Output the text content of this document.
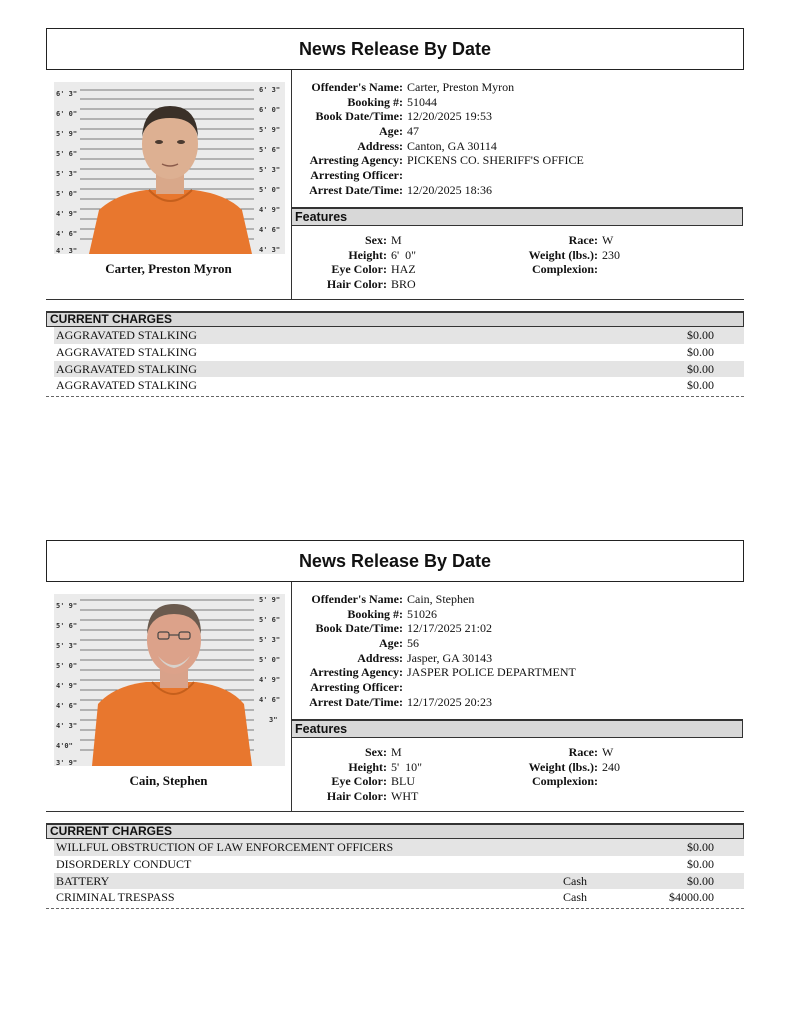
News Release By Date
6' 3"
6' 0"
5' 9"
5' 6"
5' 3"
5' 0"
4' 9"
4' 6"
4' 3"
6' 3"
6' 0"
5' 9"
5' 6"
5' 3"
5' 0"
4' 9"
4' 6"
4' 3"
Carter, Preston Myron
Offender's Name: Carter, Preston Myron
Booking #: 51044
Book Date/Time: 12/20/2025 19:53
Age: 47
Address: Canton, GA 30114
Arresting Agency: PICKENS CO. SHERIFF'S OFFICE
Arresting Officer:
Arrest Date/Time: 12/20/2025 18:36
Features
Sex: M
Height: 6'  0"
Eye Color: HAZ
Hair Color: BRO
Race: W
Weight (lbs.): 230
Complexion:
CURRENT CHARGES
AGGRAVATED STALKING	$0.00
AGGRAVATED STALKING	$0.00
AGGRAVATED STALKING	$0.00
AGGRAVATED STALKING	$0.00
News Release By Date
5' 9"
5' 6"
5' 3"
5' 0"
4' 9"
4' 6"
4' 3"
4'0"
3' 9"
5' 9"
5' 6"
5' 3"
5' 0"
4' 9"
4' 6"
3"
Cain, Stephen
Offender's Name: Cain, Stephen
Booking #: 51026
Book Date/Time: 12/17/2025 21:02
Age: 56
Address: Jasper, GA 30143
Arresting Agency: JASPER POLICE DEPARTMENT
Arresting Officer:
Arrest Date/Time: 12/17/2025 20:23
Features
Sex: M
Height: 5'  10"
Eye Color: BLU
Hair Color: WHT
Race: W
Weight (lbs.): 240
Complexion:
CURRENT CHARGES
WILLFUL OBSTRUCTION OF LAW ENFORCEMENT OFFICERS	$0.00
DISORDERLY CONDUCT	$0.00
BATTERY	Cash	$0.00
CRIMINAL TRESPASS	Cash	$4000.00
